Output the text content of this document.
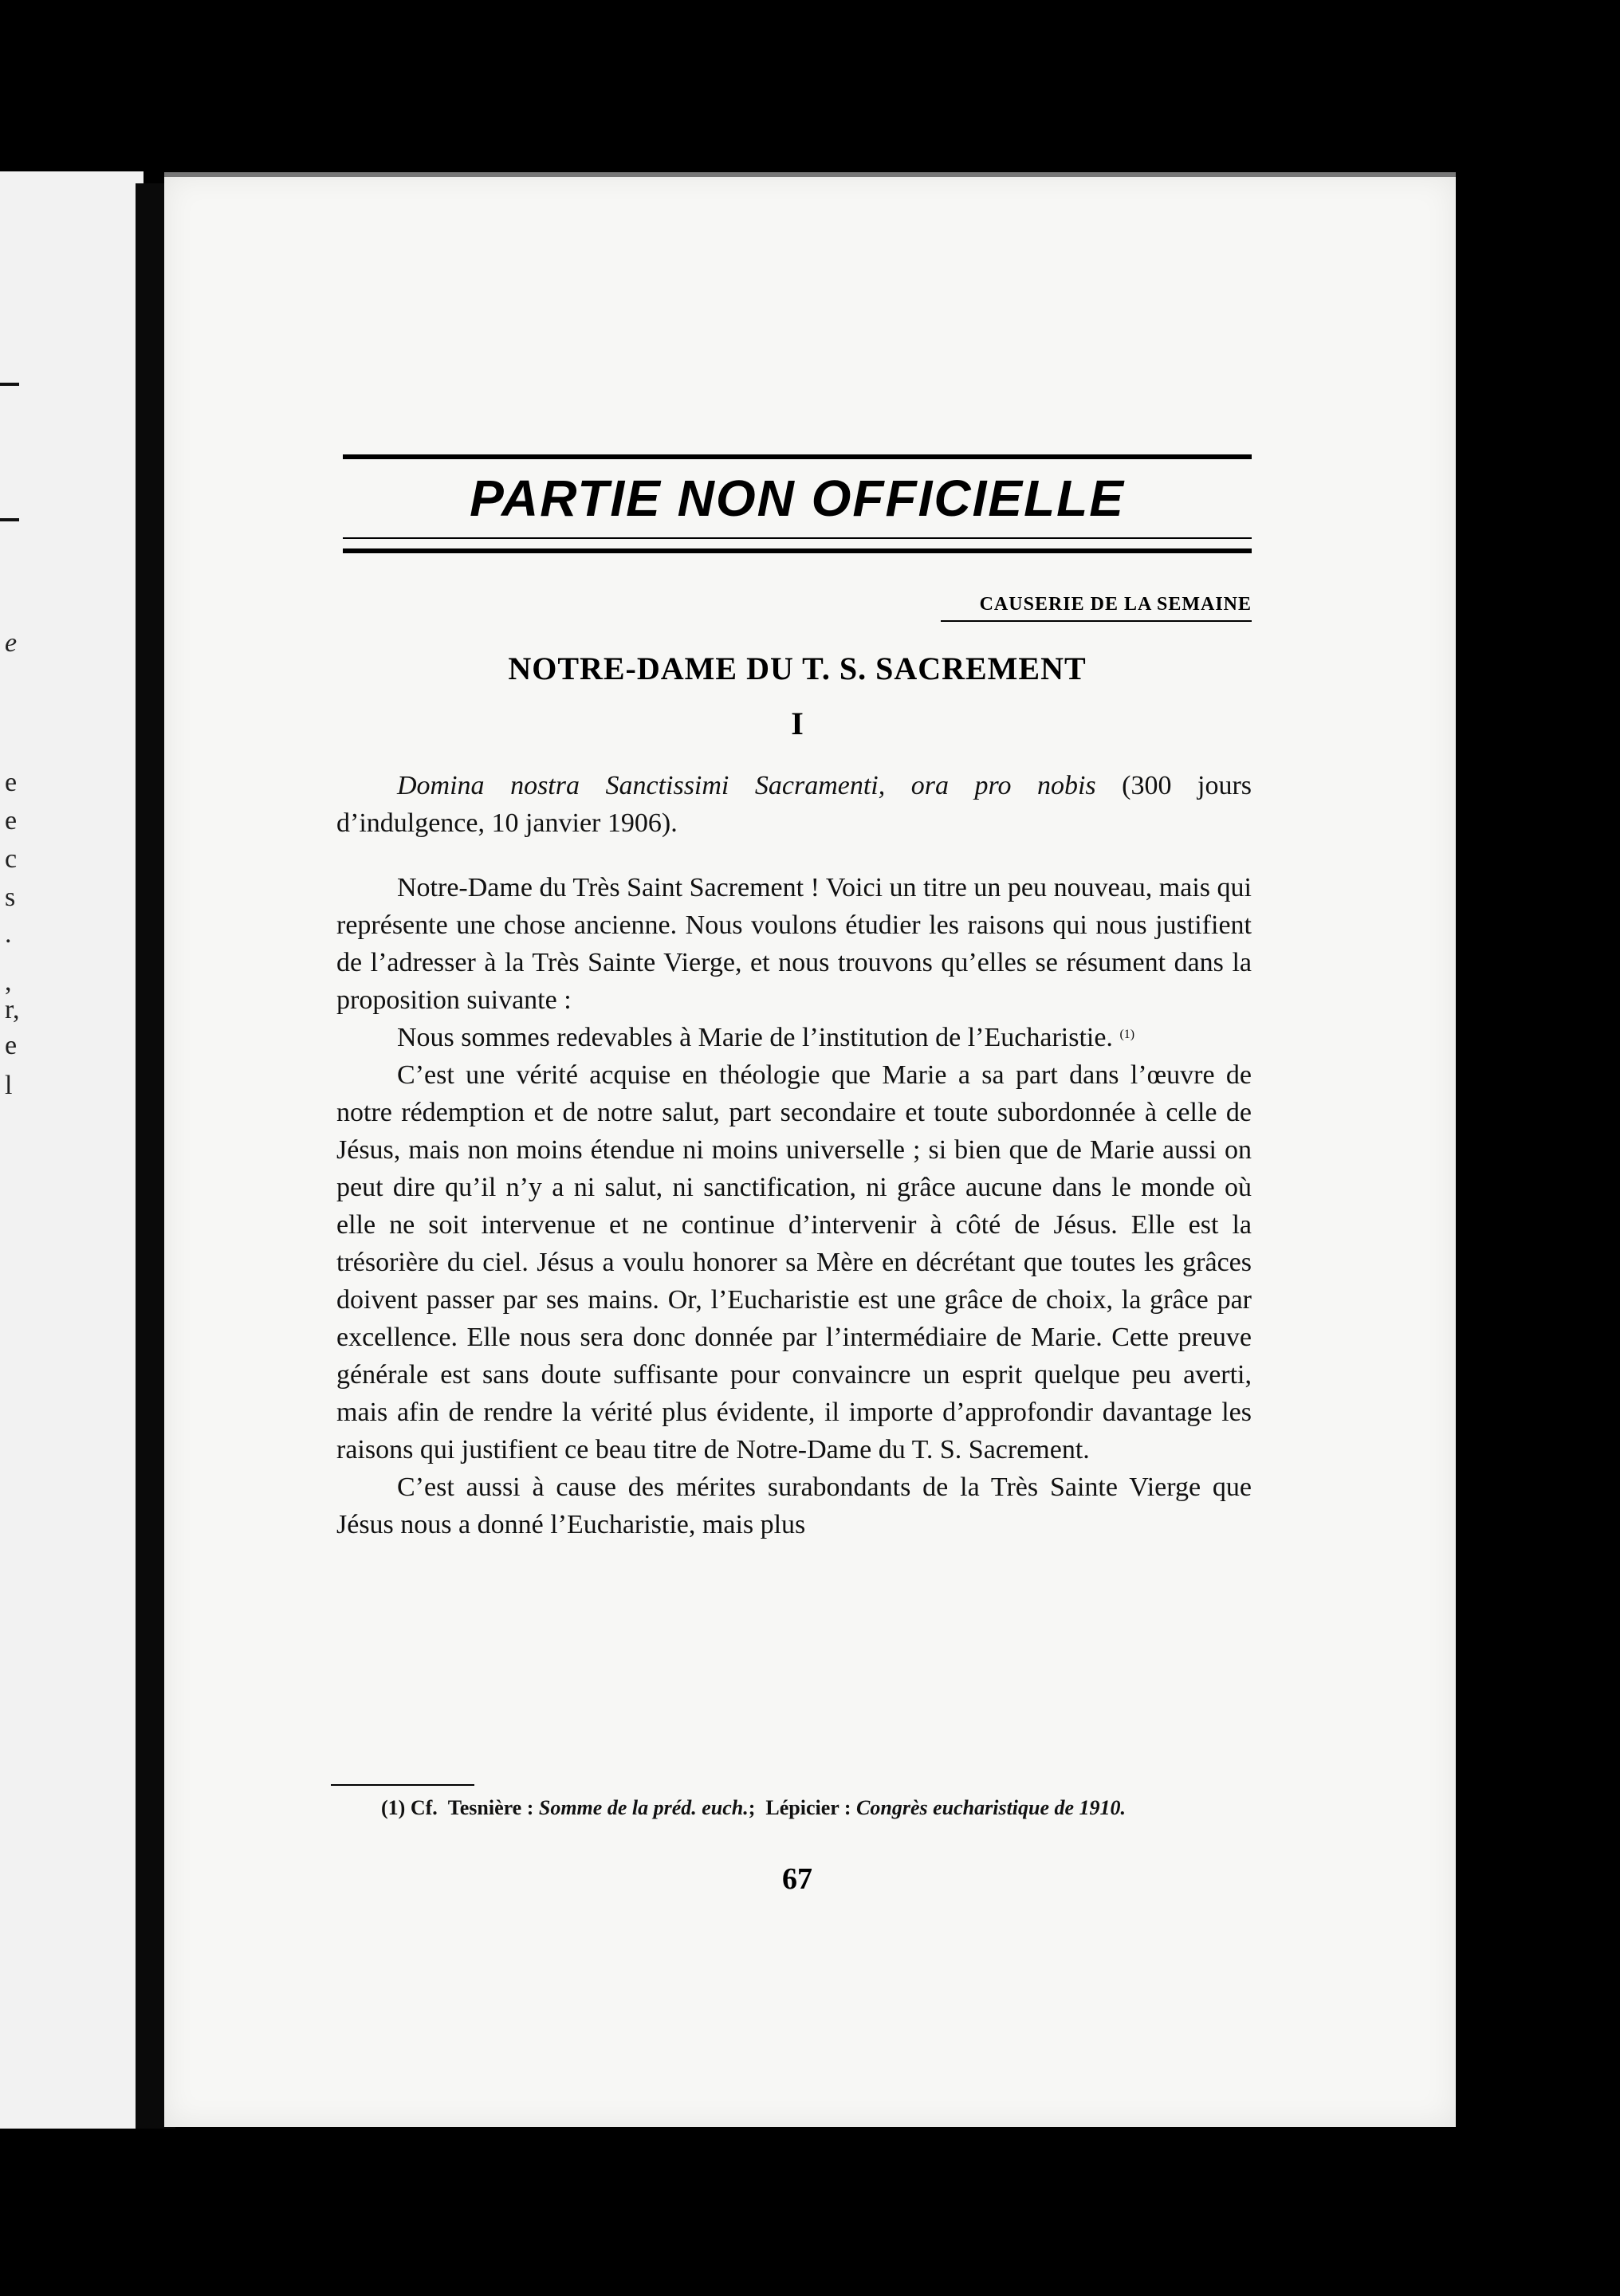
e
e
e
c
s
.
,
r,
e
l
PARTIE NON OFFICIELLE
CAUSERIE DE LA SEMAINE
NOTRE-DAME DU T. S. SACREMENT
I

Domina nostra Sanctissimi Sacramenti, ora pro nobis (300 jours d’indulgence, 10 janvier 1906).

Notre-Dame du Très Saint Sacrement ! Voici un titre un peu nouveau, mais qui représente une chose ancienne. Nous voulons étudier les raisons qui nous justifient de l’adresser à la Très Sainte Vierge, et nous trouvons qu’elles se résument dans la proposition suivante :

Nous sommes redevables à Marie de l’institution de l’Eucharistie. $^{(1)}$

C’est une vérité acquise en théologie que Marie a sa part dans l’œuvre de notre rédemption et de notre salut, part secondaire et toute subordonnée à celle de Jésus, mais non moins étendue ni moins universelle ; si bien que de Marie aussi on peut dire qu’il n’y a ni salut, ni sanctification, ni grâce aucune dans le monde où elle ne soit intervenue et ne continue d’intervenir à côté de Jésus. Elle est la trésorière du ciel. Jésus a voulu honorer sa Mère en décrétant que toutes les grâces doivent passer par ses mains. Or, l’Eucharistie est une grâce de choix, la grâce par excellence. Elle nous sera donc donnée par l’intermédiaire de Marie. Cette preuve générale est sans doute suffisante pour convaincre un esprit quelque peu averti, mais afin de rendre la vérité plus évidente, il importe d’approfondir davantage les raisons qui justifient ce beau titre de Notre-Dame du T. S. Sacrement.

C’est aussi à cause des mérites surabondants de la Très Sainte Vierge que Jésus nous a donné l’Eucharistie, mais plus

(1) Cf. Tesnière : Somme de la préd. euch.; Lépicier : Congrès eucharistique de 1910.
67
